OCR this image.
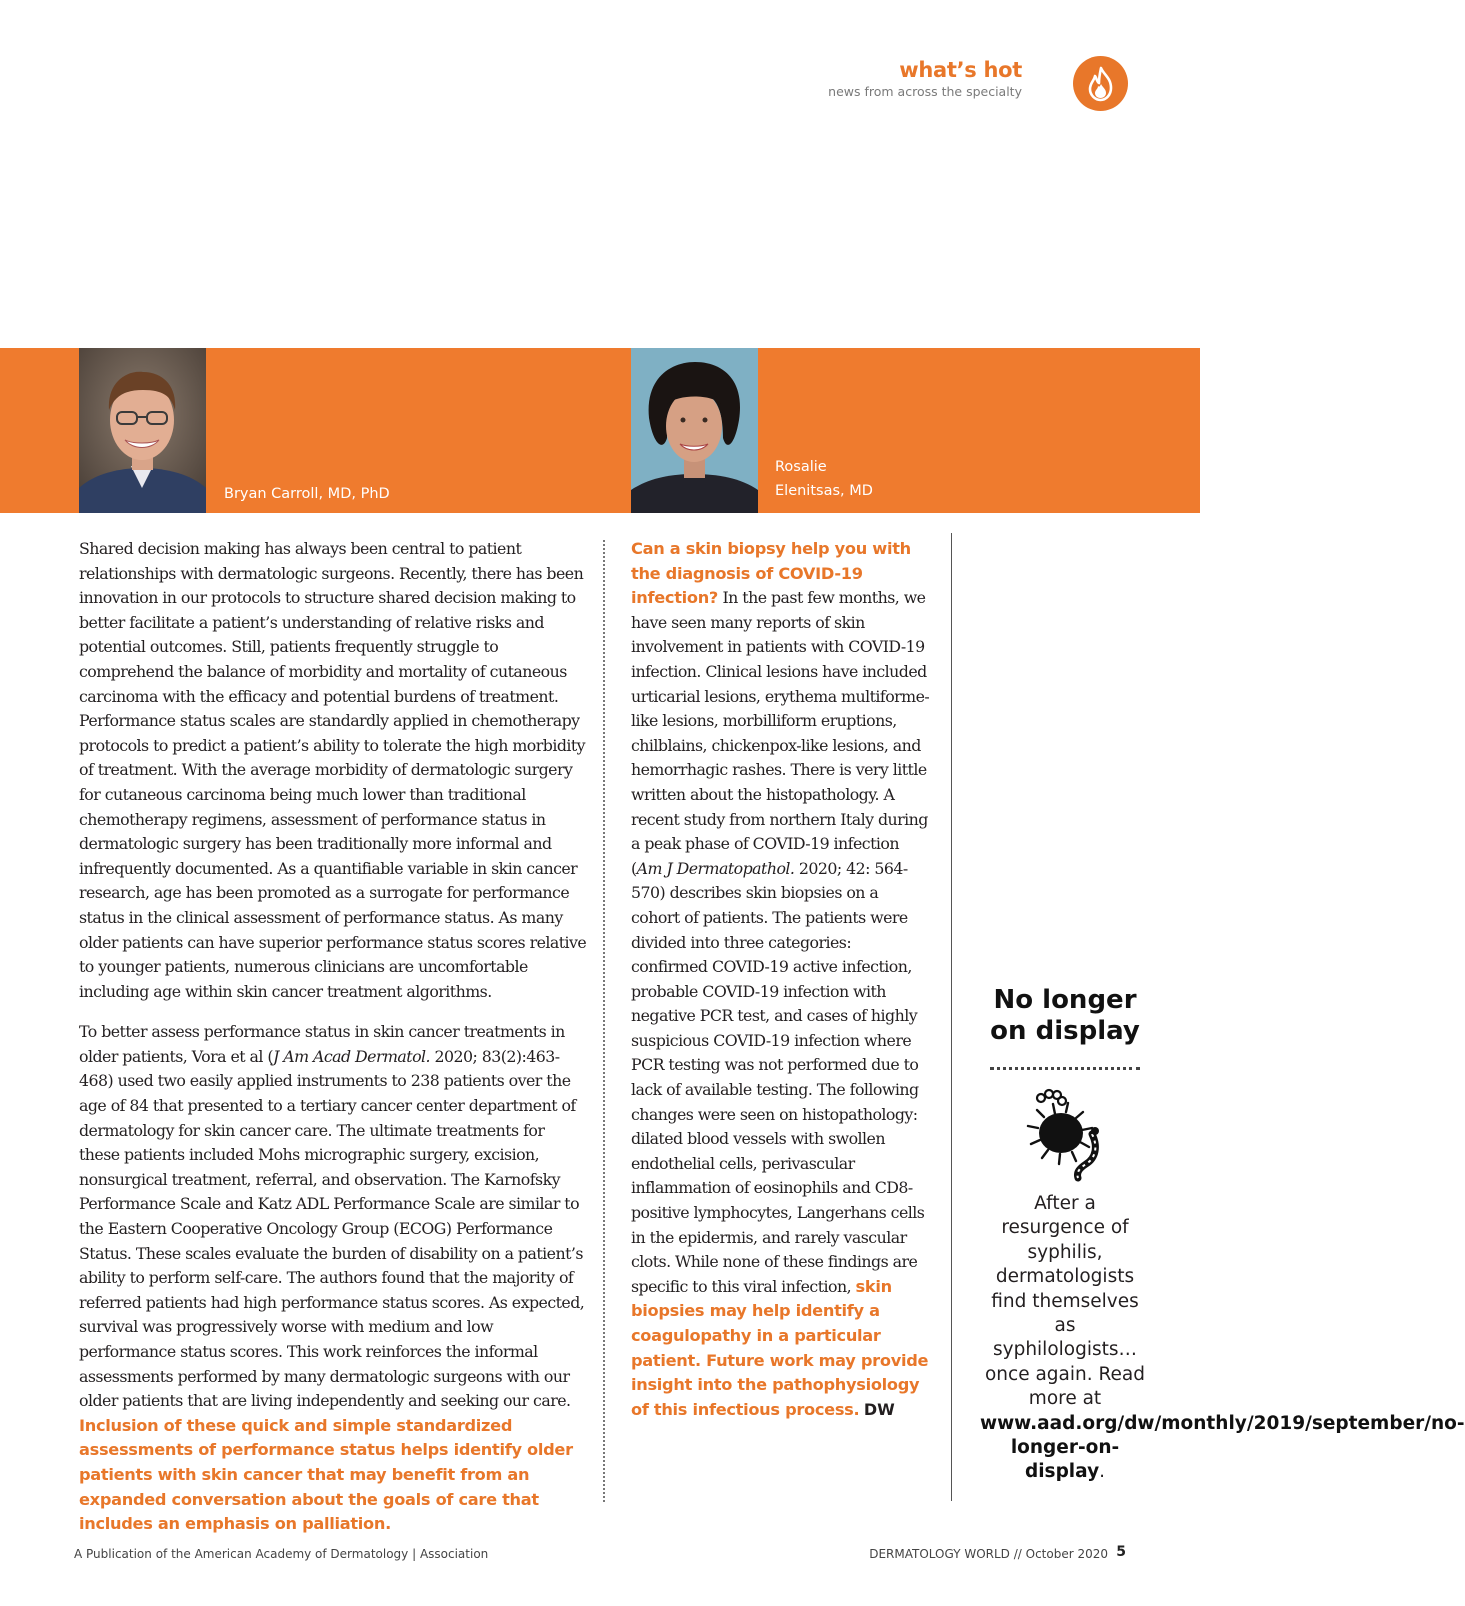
what’s hot
news from across the specialty
Bryan Carroll, MD, PhD
Rosalie
Elenitsas, MD

Shared decision making has always been central to patient relationships with dermatologic surgeons. Recently, there has been innovation in our protocols to structure shared decision making to better facilitate a patient’s understanding of relative risks and potential outcomes. Still, patients frequently struggle to comprehend the balance of morbidity and mortality of cutaneous carcinoma with the efficacy and potential burdens of treatment. Performance status scales are standardly applied in chemotherapy protocols to predict a patient’s ability to tolerate the high morbidity of treatment. With the average morbidity of dermatologic surgery for cutaneous carcinoma being much lower than traditional chemotherapy regimens, assessment of performance status in dermatologic surgery has been traditionally more informal and infrequently documented. As a quantifiable variable in skin cancer research, age has been promoted as a surrogate for performance status in the clinical assessment of performance status. As many older patients can have superior performance status scores relative to younger patients, numerous clinicians are uncomfortable including age within skin cancer treatment algorithms.

To better assess performance status in skin cancer treatments in older patients, Vora et al (J Am Acad Dermatol. 2020; 83(2):463-468) used two easily applied instruments to 238 patients over the age of 84 that presented to a tertiary cancer center department of dermatology for skin cancer care. The ultimate treatments for these patients included Mohs micrographic surgery, excision, nonsurgical treatment, referral, and observation. The Karnofsky Performance Scale and Katz ADL Performance Scale are similar to the Eastern Cooperative Oncology Group (ECOG) Performance Status. These scales evaluate the burden of disability on a patient’s ability to perform self-care. The authors found that the majority of referred patients had high performance status scores. As expected, survival was progressively worse with medium and low performance status scores. This work reinforces the informal assessments performed by many dermatologic surgeons with our older patients that are living independently and seeking our care. Inclusion of these quick and simple standardized assessments of performance status helps identify older patients with skin cancer that may benefit from an expanded conversation about the goals of care that includes an emphasis on palliation.

Can a skin biopsy help you with the diagnosis of COVID-19 infection? In the past few months, we have seen many reports of skin involvement in patients with COVID-19 infection. Clinical lesions have included urticarial lesions, erythema multiforme-like lesions, morbilliform eruptions, chilblains, chickenpox-like lesions, and hemorrhagic rashes. There is very little written about the histopathology. A recent study from northern Italy during a peak phase of COVID-19 infection (Am J Dermatopathol. 2020; 42: 564-570) describes skin biopsies on a cohort of patients. The patients were divided into three categories: confirmed COVID-19 active infection, probable COVID-19 infection with negative PCR test, and cases of highly suspicious COVID-19 infection where PCR testing was not performed due to lack of available testing. The following changes were seen on histopathology: dilated blood vessels with swollen endothelial cells, perivascular inflammation of eosinophils and CD8-positive lymphocytes, Langerhans cells in the epidermis, and rarely vascular clots. While none of these findings are specific to this viral infection, skin biopsies may help identify a coagulopathy in a particular patient. Future work may provide insight into the pathophysiology of this infectious process. DW

No longer
on display

After a resurgence of syphilis, dermatologists find themselves as syphilologists… once again. Read more at www.aad.org/dw/monthly/2019/september/no-longer-on-display.

A Publication of the American Academy of Dermatology | Association	DERMATOLOGY WORLD // October 2020 5
